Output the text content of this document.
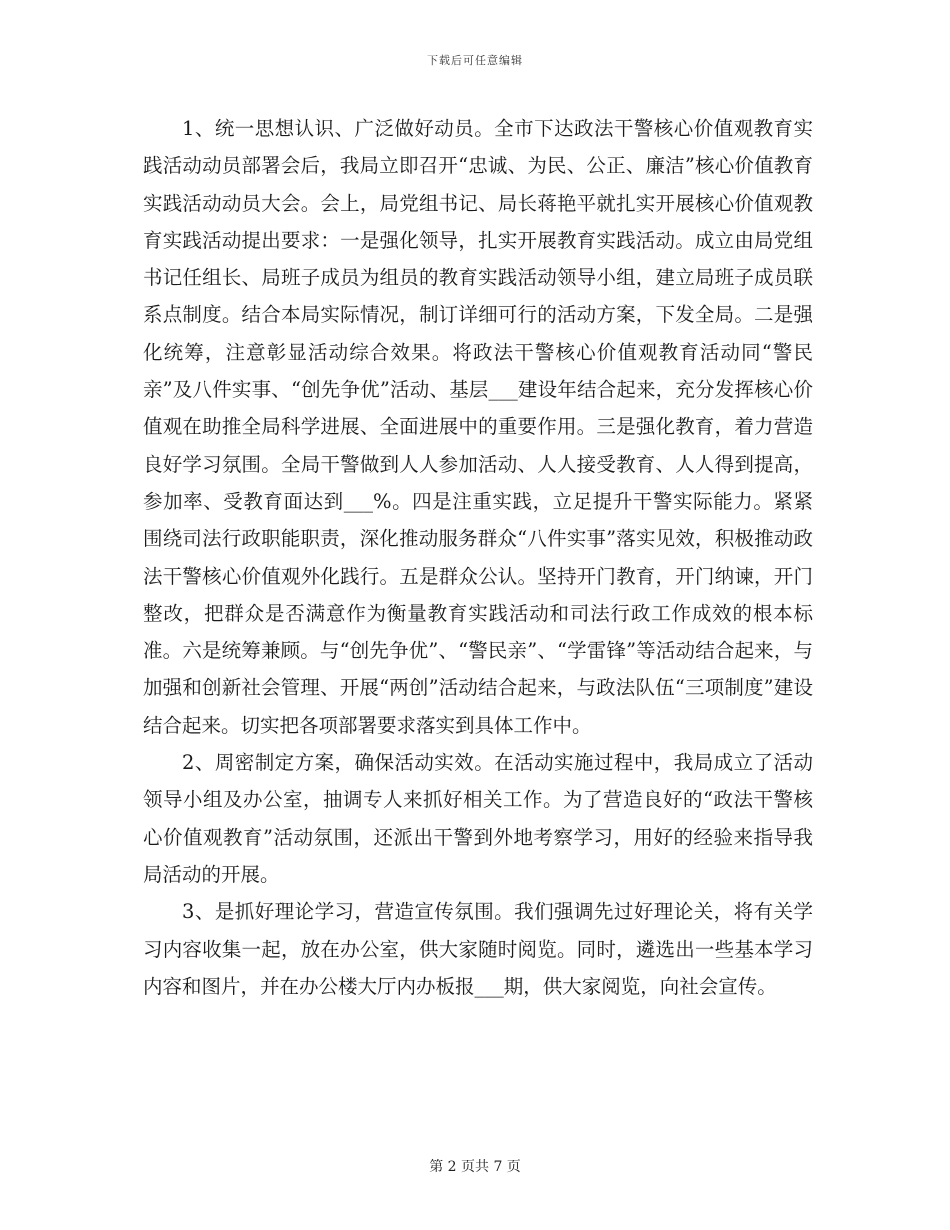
下载后可任意编辑

1、统一思想认识、广泛做好动员。全市下达政法干警核心价值观教育实践活动动员部署会后，我局立即召开“忠诚、为民、公正、廉洁”核心价值教育实践活动动员大会。会上，局党组书记、局长蒋艳平就扎实开展核心价值观教育实践活动提出要求：一是强化领导，扎实开展教育实践活动。成立由局党组书记任组长、局班子成员为组员的教育实践活动领导小组，建立局班子成员联系点制度。结合本局实际情况，制订详细可行的活动方案，下发全局。二是强化统筹，注意彰显活动综合效果。将政法干警核心价值观教育活动同“警民亲”及八件实事、“创先争优”活动、基层___建设年结合起来，充分发挥核心价值观在助推全局科学进展、全面进展中的重要作用。三是强化教育，着力营造良好学习氛围。全局干警做到人人参加活动、人人接受教育、人人得到提高，参加率、受教育面达到___%。四是注重实践，立足提升干警实际能力。紧紧围绕司法行政职能职责，深化推动服务群众“八件实事”落实见效，积极推动政法干警核心价值观外化践行。五是群众公认。坚持开门教育，开门纳谏，开门整改，把群众是否满意作为衡量教育实践活动和司法行政工作成效的根本标准。六是统筹兼顾。与“创先争优”、“警民亲”、“学雷锋”等活动结合起来，与加强和创新社会管理、开展“两创”活动结合起来，与政法队伍“三项制度”建设结合起来。切实把各项部署要求落实到具体工作中。

2、周密制定方案，确保活动实效。在活动实施过程中，我局成立了活动领导小组及办公室，抽调专人来抓好相关工作。为了营造良好的“政法干警核心价值观教育”活动氛围，还派出干警到外地考察学习，用好的经验来指导我局活动的开展。

3、是抓好理论学习，营造宣传氛围。我们强调先过好理论关，将有关学习内容收集一起，放在办公室，供大家随时阅览。同时，遴选出一些基本学习内容和图片，并在办公楼大厅内办板报___期，供大家阅览，向社会宣传。

第 2 页共 7 页
